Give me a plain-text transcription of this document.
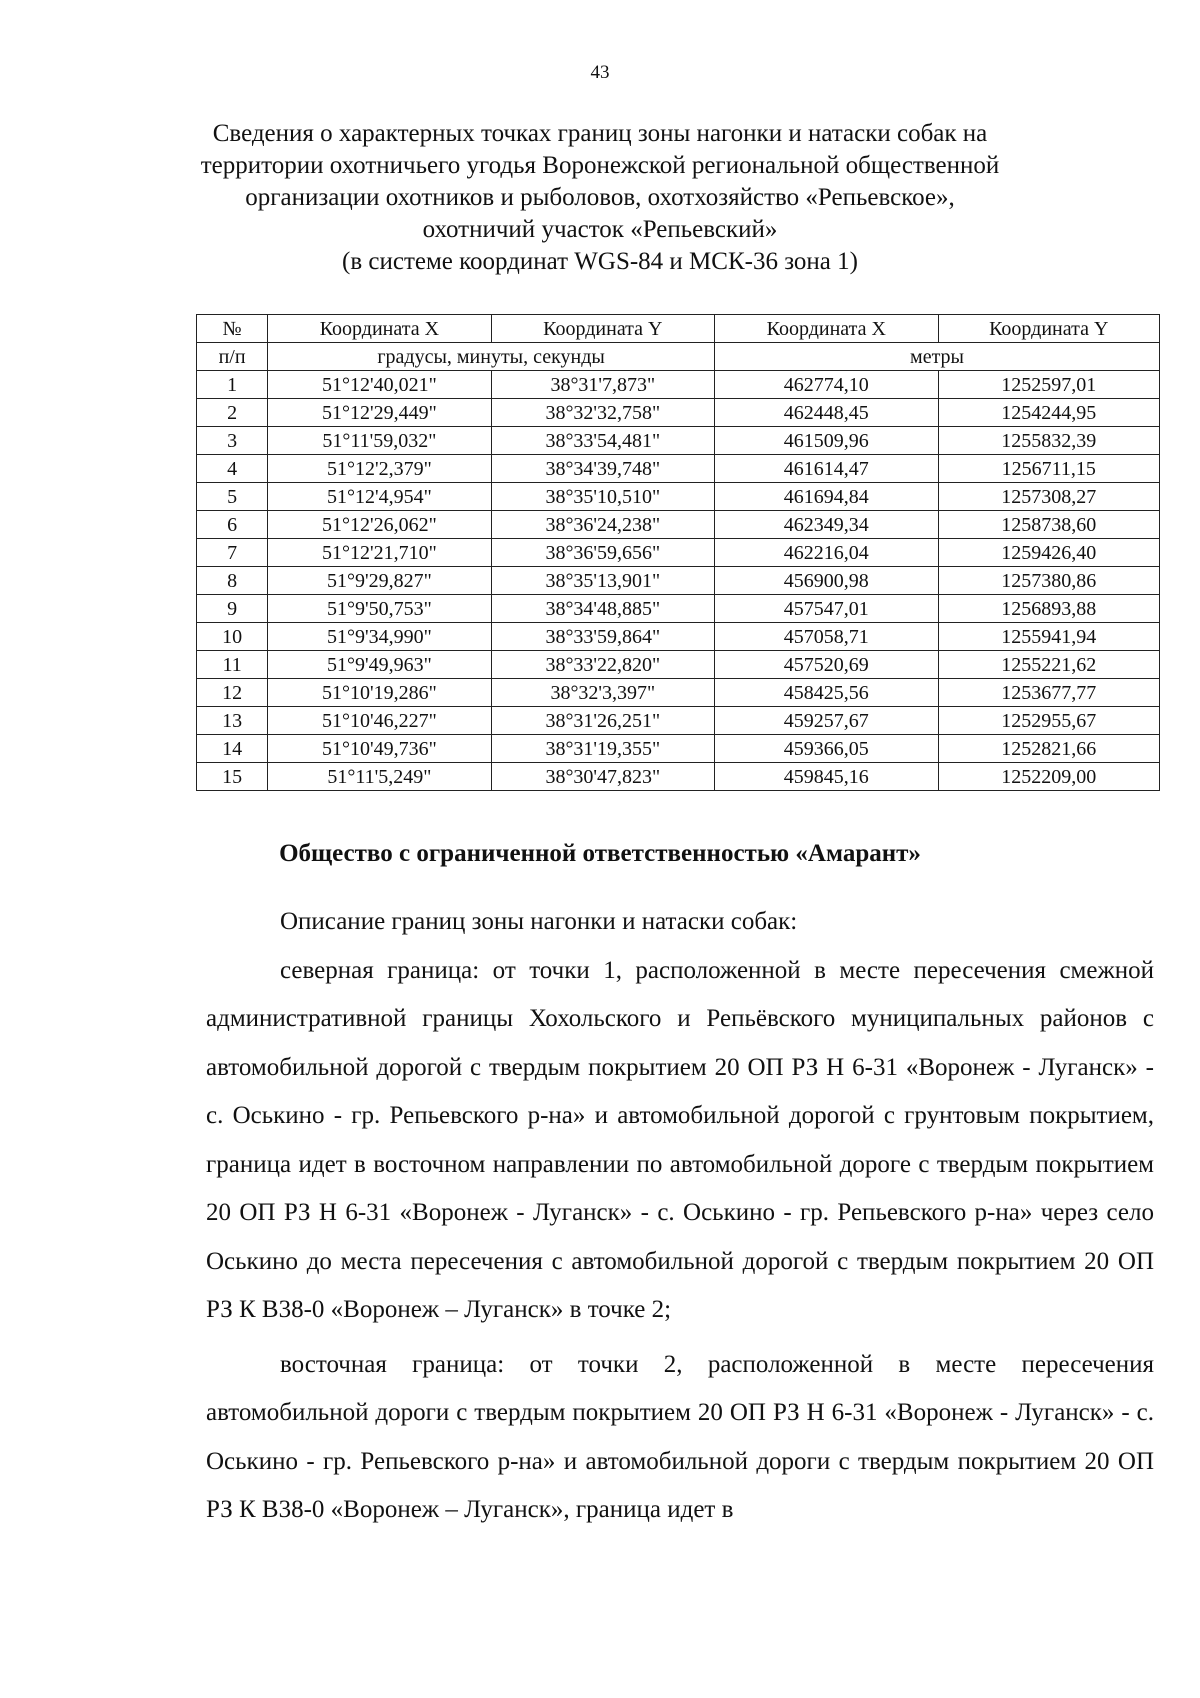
43
Сведения о характерных точках границ зоны нагонки и натаски собак на
территории охотничьего угодья Воронежской региональной общественной
организации охотников и рыболовов, охотхозяйство «Репьевское»,
охотничий участок «Репьевский»
(в системе координат WGS-84 и МСК-36 зона 1)
№	Координата X	Координата Y	Координата X	Координата Y
п/п	градусы, минуты, секунды		метры	
1	51°12'40,021"	38°31'7,873"	462774,10	1252597,01
2	51°12'29,449"	38°32'32,758"	462448,45	1254244,95
3	51°11'59,032"	38°33'54,481"	461509,96	1255832,39
4	51°12'2,379"	38°34'39,748"	461614,47	1256711,15
5	51°12'4,954"	38°35'10,510"	461694,84	1257308,27
6	51°12'26,062"	38°36'24,238"	462349,34	1258738,60
7	51°12'21,710"	38°36'59,656"	462216,04	1259426,40
8	51°9'29,827"	38°35'13,901"	456900,98	1257380,86
9	51°9'50,753"	38°34'48,885"	457547,01	1256893,88
10	51°9'34,990"	38°33'59,864"	457058,71	1255941,94
11	51°9'49,963"	38°33'22,820"	457520,69	1255221,62
12	51°10'19,286"	38°32'3,397"	458425,56	1253677,77
13	51°10'46,227"	38°31'26,251"	459257,67	1252955,67
14	51°10'49,736"	38°31'19,355"	459366,05	1252821,66
15	51°11'5,249"	38°30'47,823"	459845,16	1252209,00
Общество с ограниченной ответственностью «Амарант»

Описание границ зоны нагонки и натаски собак:

северная граница: от точки 1, расположенной в месте пересечения смежной административной границы Хохольского и Репьёвского муниципальных районов с автомобильной дорогой с твердым покрытием 20 ОП РЗ Н 6-31 «Воронеж - Луганск» - с. Оськино - гр. Репьевского р-на» и автомобильной дорогой с грунтовым покрытием, граница идет в восточном направлении по автомобильной дороге с твердым покрытием 20 ОП РЗ Н 6-31 «Воронеж - Луганск» - с. Оськино - гр. Репьевского р-на» через село Оськино до места пересечения с автомобильной дорогой с твердым покрытием 20 ОП РЗ К В38-0 «Воронеж – Луганск» в точке 2;

восточная граница: от точки 2, расположенной в месте пересечения автомобильной дороги с твердым покрытием 20 ОП РЗ Н 6-31 «Воронеж - Луганск» - с. Оськино - гр. Репьевского р-на» и автомобильной дороги с твердым покрытием 20 ОП РЗ К В38-0 «Воронеж – Луганск», граница идет в
